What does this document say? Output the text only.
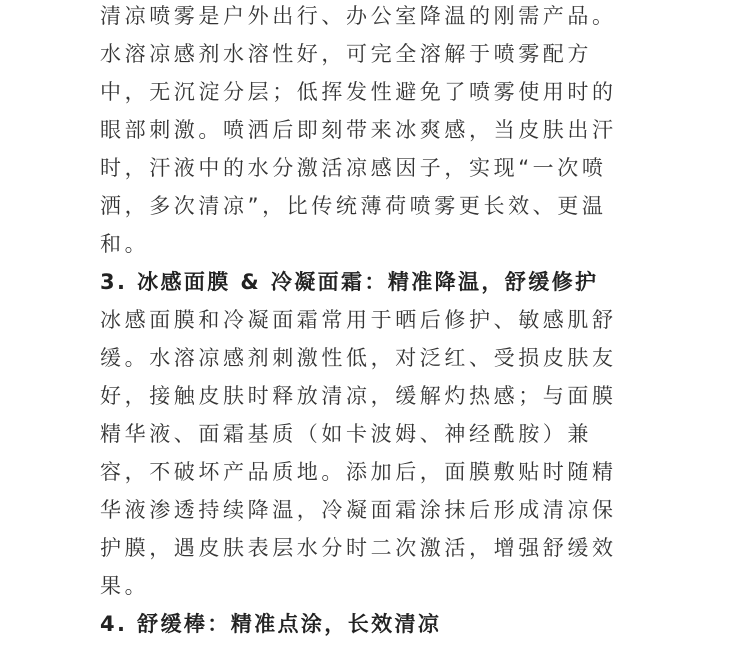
清凉喷雾是户外出行、办公室降温的刚需产品。
水溶凉感剂水溶性好，可完全溶解于喷雾配方
中，无沉淀分层；低挥发性避免了喷雾使用时的
眼部刺激。喷洒后即刻带来冰爽感，当皮肤出汗
时，汗液中的水分激活凉感因子，实现“一次喷
洒，多次清凉”，比传统薄荷喷雾更长效、更温
和。
3. 冰感面膜 & 冷凝面霜：精准降温，舒缓修护
冰感面膜和冷凝面霜常用于晒后修护、敏感肌舒
缓。水溶凉感剂刺激性低，对泛红、受损皮肤友
好，接触皮肤时释放清凉，缓解灼热感；与面膜
精华液、面霜基质（如卡波姆、神经酰胺）兼
容，不破坏产品质地。添加后，面膜敷贴时随精
华液渗透持续降温，冷凝面霜涂抹后形成清凉保
护膜，遇皮肤表层水分时二次激活，增强舒缓效
果。
4. 舒缓棒：精准点涂，长效清凉
